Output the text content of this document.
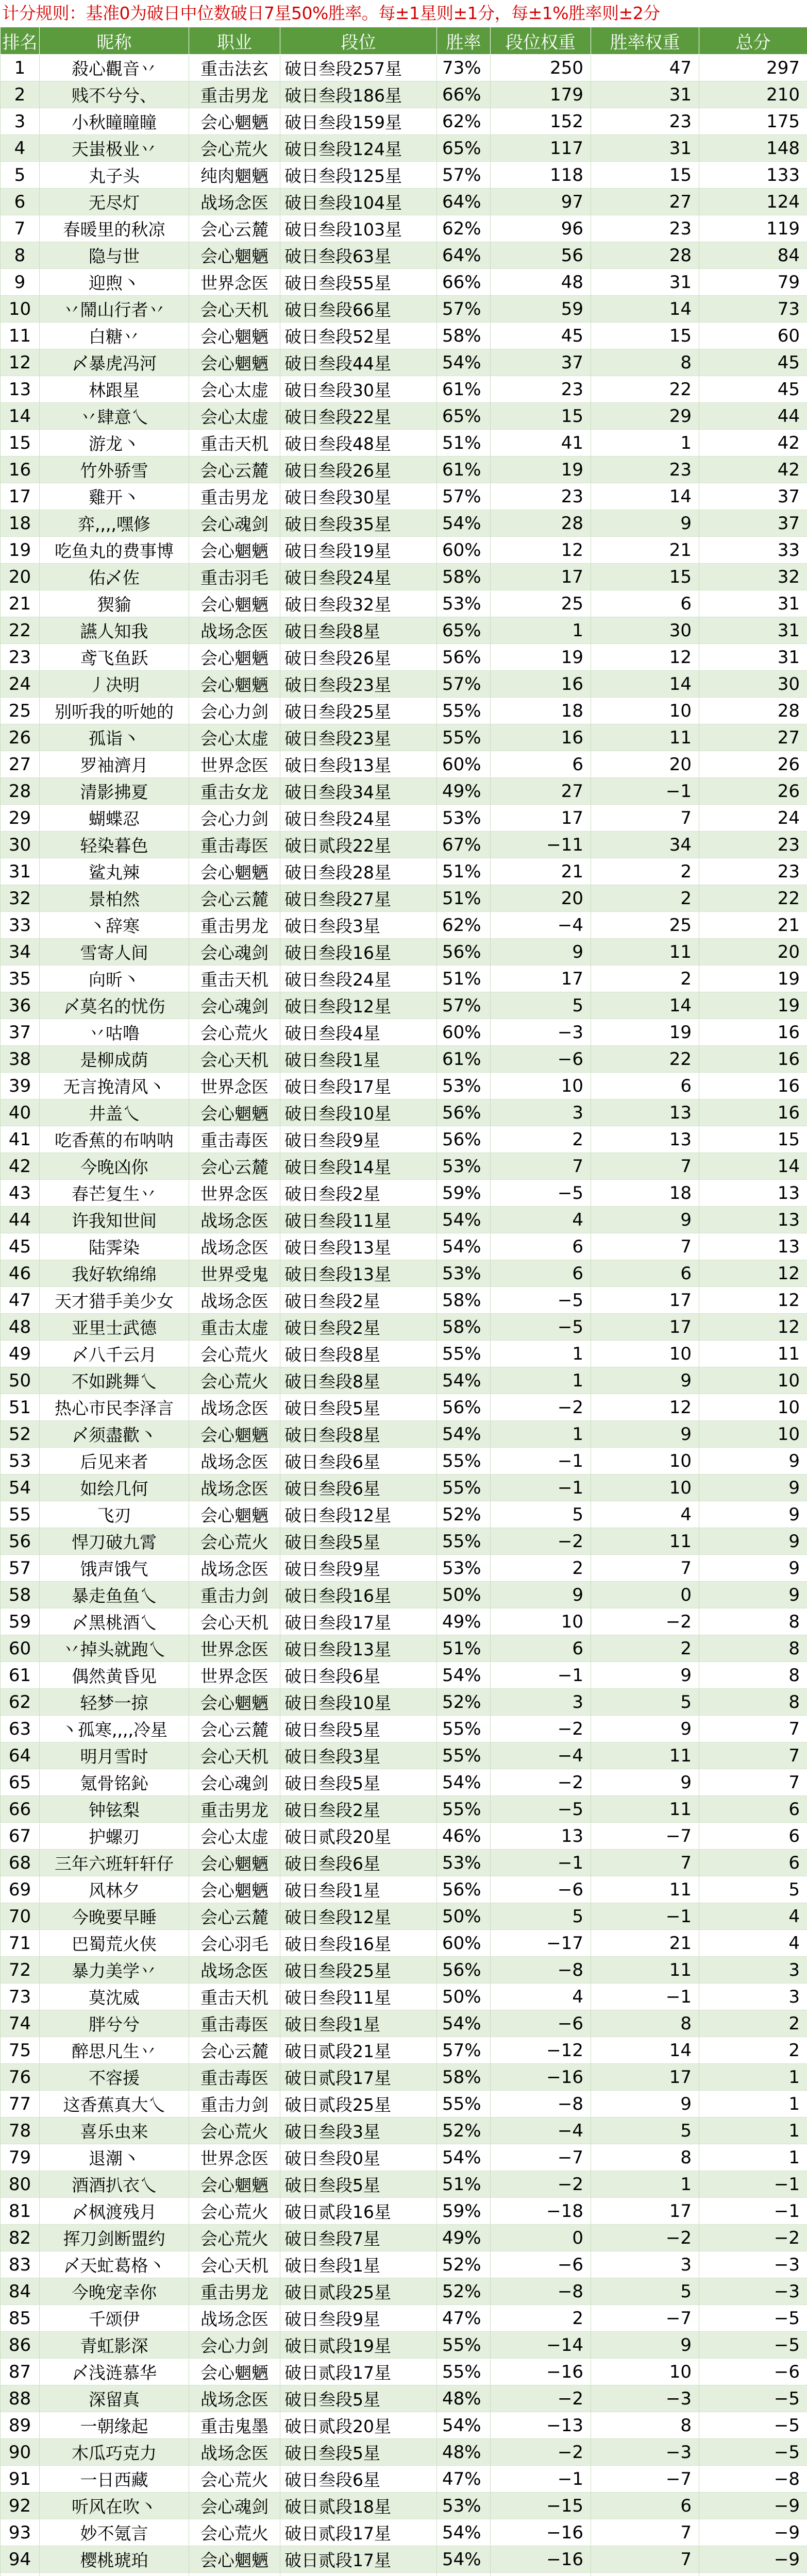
计分规则：基准0为破日中位数破日7星50%胜率。每±1星则±1分，每±1%胜率则±2分
排名	昵称	职业	段位	胜率	段位权重	胜率权重	总分
1	殺心觀音丷	重击法玄	破日叁段257星	73%	250	47	297
2	贱不兮兮、	重击男龙	破日叁段186星	66%	179	31	210
3	小秋瞳瞳瞳	会心魍魉	破日叁段159星	62%	152	23	175
4	天蚩极业丷	会心荒火	破日叁段124星	65%	117	31	148
5	丸子头	纯肉魍魉	破日叁段125星	57%	118	15	133
6	无尽灯	战场念医	破日叁段104星	64%	97	27	124
7	春暖里的秋凉	会心云麓	破日叁段103星	62%	96	23	119
8	隐与世	会心魍魉	破日叁段63星	64%	56	28	84
9	迎煦丶	世界念医	破日叁段55星	66%	48	31	79
10	丷鬧山行者丷	会心天机	破日叁段66星	57%	59	14	73
11	白糖丷	会心魍魉	破日叁段52星	58%	45	15	60
12	〆暴虎冯河	会心魍魉	破日叁段44星	54%	37	8	45
13	林跟星	会心太虚	破日叁段30星	61%	23	22	45
14	丷肆意乀	会心太虚	破日叁段22星	65%	15	29	44
15	游龙丶	重击天机	破日叁段48星	51%	41	1	42
16	竹外骄雪	会心云麓	破日叁段26星	61%	19	23	42
17	雞开丶	重击男龙	破日叁段30星	57%	23	14	37
18	弈,,,,嘿修	会心魂剑	破日叁段35星	54%	28	9	37
19	吃鱼丸的费事博	会心魍魉	破日叁段19星	60%	12	21	33
20	佑乄佐	重击羽毛	破日叁段24星	58%	17	15	32
21	猰貐	会心魍魉	破日叁段32星	53%	25	6	31
22	讌人知我	战场念医	破日叁段8星	65%	1	30	31
23	鸢飞鱼跃	会心魍魉	破日叁段26星	56%	19	12	31
24	丿决明	会心魍魉	破日叁段23星	57%	16	14	30
25	别听我的听她的	会心力剑	破日叁段25星	55%	18	10	28
26	孤诣丶	会心太虚	破日叁段23星	55%	16	11	27
27	罗袖濟月	世界念医	破日叁段13星	60%	6	20	26
28	清影拂夏	重击女龙	破日叁段34星	49%	27	−1	26
29	蝴蝶忍	会心力剑	破日叁段24星	53%	17	7	24
30	轻染暮色	重击毒医	破日贰段22星	67%	−11	34	23
31	鲨丸辣	会心魍魉	破日叁段28星	51%	21	2	23
32	景柏然	会心云麓	破日叁段27星	51%	20	2	22
33	丶辞寒	重击男龙	破日叁段3星	62%	−4	25	21
34	雪寄人间	会心魂剑	破日叁段16星	56%	9	11	20
35	向昕丶	重击天机	破日叁段24星	51%	17	2	19
36	〆莫名的忧伤	会心魂剑	破日叁段12星	57%	5	14	19
37	丷咕噜	会心荒火	破日叁段4星	60%	−3	19	16
38	是柳成荫	会心天机	破日叁段1星	61%	−6	22	16
39	无言挽清风丶	世界念医	破日叁段17星	53%	10	6	16
40	井盖乀	会心魍魉	破日叁段10星	56%	3	13	16
41	吃香蕉的布呐呐	重击毒医	破日叁段9星	56%	2	13	15
42	今晚凶你	会心云麓	破日叁段14星	53%	7	7	14
43	春芒复生丷	世界念医	破日叁段2星	59%	−5	18	13
44	许我知世间	战场念医	破日叁段11星	54%	4	9	13
45	陆霁染	战场念医	破日叁段13星	54%	6	7	13
46	我好软绵绵	世界受鬼	破日叁段13星	53%	6	6	12
47	天才猎手美少女	战场念医	破日叁段2星	58%	−5	17	12
48	亚里士武德	重击太虚	破日叁段2星	58%	−5	17	12
49	〆八千云月	会心荒火	破日叁段8星	55%	1	10	11
50	不如跳舞乀	会心荒火	破日叁段8星	54%	1	9	10
51	热心市民李泽言	战场念医	破日叁段5星	56%	−2	12	10
52	〆须盡歡丶	会心魍魉	破日叁段8星	54%	1	9	10
53	后见来者	战场念医	破日叁段6星	55%	−1	10	9
54	如绘几何	战场念医	破日叁段6星	55%	−1	10	9
55	飞刃	会心魍魉	破日叁段12星	52%	5	4	9
56	悍刀破九霄	会心荒火	破日叁段5星	55%	−2	11	9
57	饿声饿气	战场念医	破日叁段9星	53%	2	7	9
58	暴走鱼鱼乀	重击力剑	破日叁段16星	50%	9	0	9
59	〆黑桃酒乀	会心天机	破日叁段17星	49%	10	−2	8
60	丷掉头就跑乀	世界念医	破日叁段13星	51%	6	2	8
61	偶然黄昏见	世界念医	破日叁段6星	54%	−1	9	8
62	轻梦一掠	会心魍魉	破日叁段10星	52%	3	5	8
63	丶孤寒,,,,冷星	会心云麓	破日叁段5星	55%	−2	9	7
64	明月雪时	会心天机	破日叁段3星	55%	−4	11	7
65	氪骨铭鈊	会心魂剑	破日叁段5星	54%	−2	9	7
66	钟铉梨	重击男龙	破日叁段2星	55%	−5	11	6
67	护螺刃	会心太虚	破日贰段20星	46%	13	−7	6
68	三年六班轩轩仔	会心魍魉	破日叁段6星	53%	−1	7	6
69	风林夕	会心魍魉	破日叁段1星	56%	−6	11	5
70	今晚要早睡	会心云麓	破日叁段12星	50%	5	−1	4
71	巴蜀荒火侠	会心羽毛	破日叁段16星	60%	−17	21	4
72	暴力美学丷	战场念医	破日叁段25星	56%	−8	11	3
73	莫沈威	重击天机	破日叁段11星	50%	4	−1	3
74	胖兮兮	重击毒医	破日叁段1星	54%	−6	8	2
75	醉思凡生丷	会心云麓	破日贰段21星	57%	−12	14	2
76	不容援	重击毒医	破日贰段17星	58%	−16	17	1
77	这香蕉真大乀	重击力剑	破日贰段25星	55%	−8	9	1
78	喜乐虫来	会心荒火	破日叁段3星	52%	−4	5	1
79	退潮丶	世界念医	破日叁段0星	54%	−7	8	1
80	酒酒扒衣乀	会心魍魉	破日叁段5星	51%	−2	1	−1
81	〆枫渡残月	会心荒火	破日贰段16星	59%	−18	17	−1
82	挥刀剑断盟约	会心荒火	破日叁段7星	49%	0	−2	−2
83	〆天虻葛格丶	会心天机	破日叁段1星	52%	−6	3	−3
84	今晚宠幸你	重击男龙	破日贰段25星	52%	−8	5	−3
85	千颂伊	战场念医	破日叁段9星	47%	2	−7	−5
86	青虹影深	会心力剑	破日贰段19星	55%	−14	9	−5
87	〆浅涟慕华	会心魍魉	破日贰段17星	55%	−16	10	−6
88	深留真	战场念医	破日叁段5星	48%	−2	−3	−5
89	一朝缘起	重击鬼墨	破日贰段20星	54%	−13	8	−5
90	木瓜巧克力	战场念医	破日叁段5星	48%	−2	−3	−5
91	一日西藏	会心荒火	破日叁段6星	47%	−1	−7	−8
92	听风在吹丶	会心魂剑	破日贰段18星	53%	−15	6	−9
93	妙不氪言	会心荒火	破日贰段17星	54%	−16	7	−9
94	樱桃琥珀	会心魍魉	破日贰段17星	54%	−16	7	−9
